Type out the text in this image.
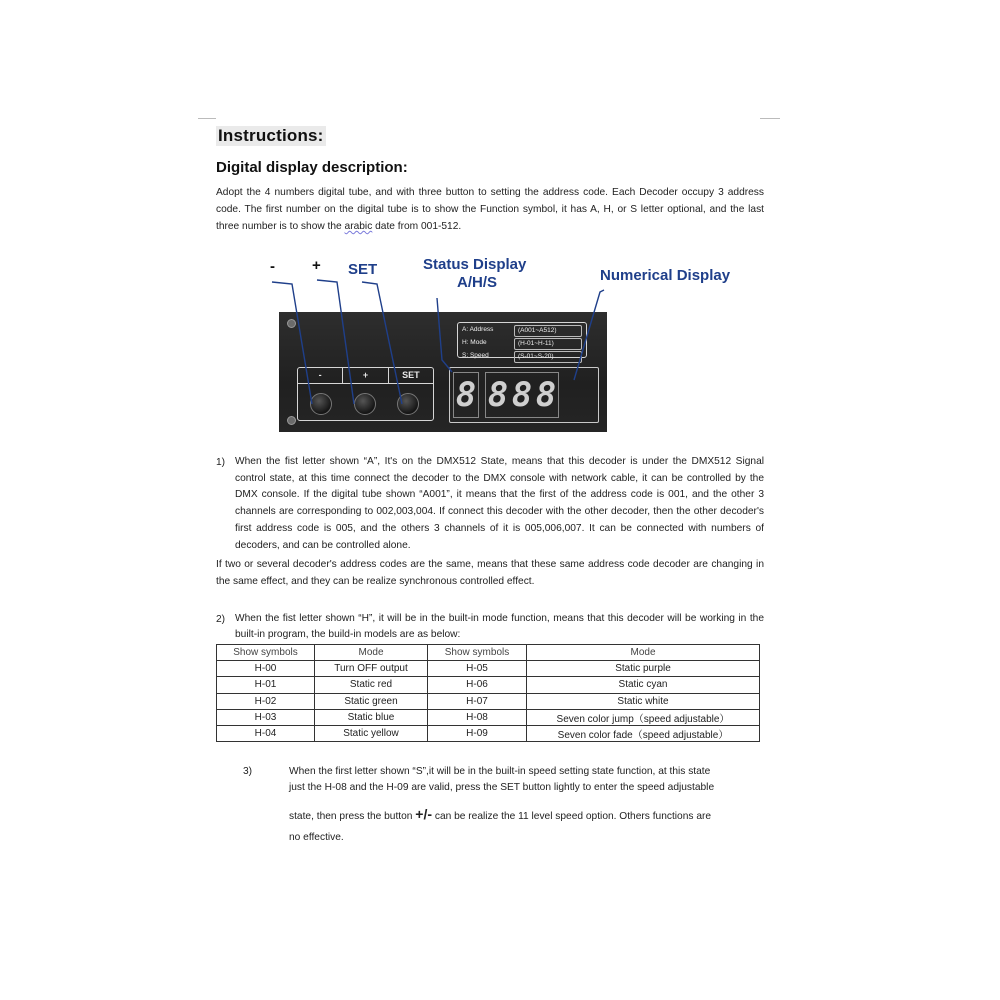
Instructions:
Digital display description:
Adopt the 4 numbers digital tube, and with three button to setting the address code. Each Decoder occupy 3 address code. The first number on the digital tube is to show the Function symbol, it has A, H, or S letter optional, and the last three number is to show the arabic date from 001-512.
- + SET	Status Display
A/H/S	Numerical Display
-	+	SET
A: Address	(A001~A512)
H: Mode	(H-01~H-11)
S: Speed	(S-01~S-20)
8 8 8 8
1) When the fist letter shown “A”, It's on the DMX512 State, means that this decoder is under the DMX512 Signal control state, at this time connect the decoder to the DMX console with network cable, it can be controlled by the DMX console. If the digital tube shown “A001”, it means that the first of the address code is 001, and the other 3 channels are corresponding to 002,003,004. If connect this decoder with the other decoder, then the other decoder's first address code is 005, and the others 3 channels of it is 005,006,007. It can be connected with numbers of decoders, and can be controlled alone.
If two or several decoder's address codes are the same, means that these same address code decoder are changing in the same effect, and they can be realize synchronous controlled effect.
2) When the fist letter shown “H”, it will be in the built-in mode function, means that this decoder will be working in the built-in program, the build-in models are as below:
Show symbols	Mode	Show symbols	Mode
H-00	Turn OFF output	H-05	Static purple
H-01	Static red	H-06	Static cyan
H-02	Static green	H-07	Static white
H-03	Static blue	H-08	Seven color jump（speed adjustable）
H-04	Static yellow	H-09	Seven color fade（speed adjustable）
3)	When the first letter shown “S”,it will be in the built-in speed setting state function, at this state
just the H-08 and the H-09 are valid, press the SET button lightly to enter the speed adjustable
state, then press the button +/- can be realize the 11 level speed option. Others functions are
no effective.
